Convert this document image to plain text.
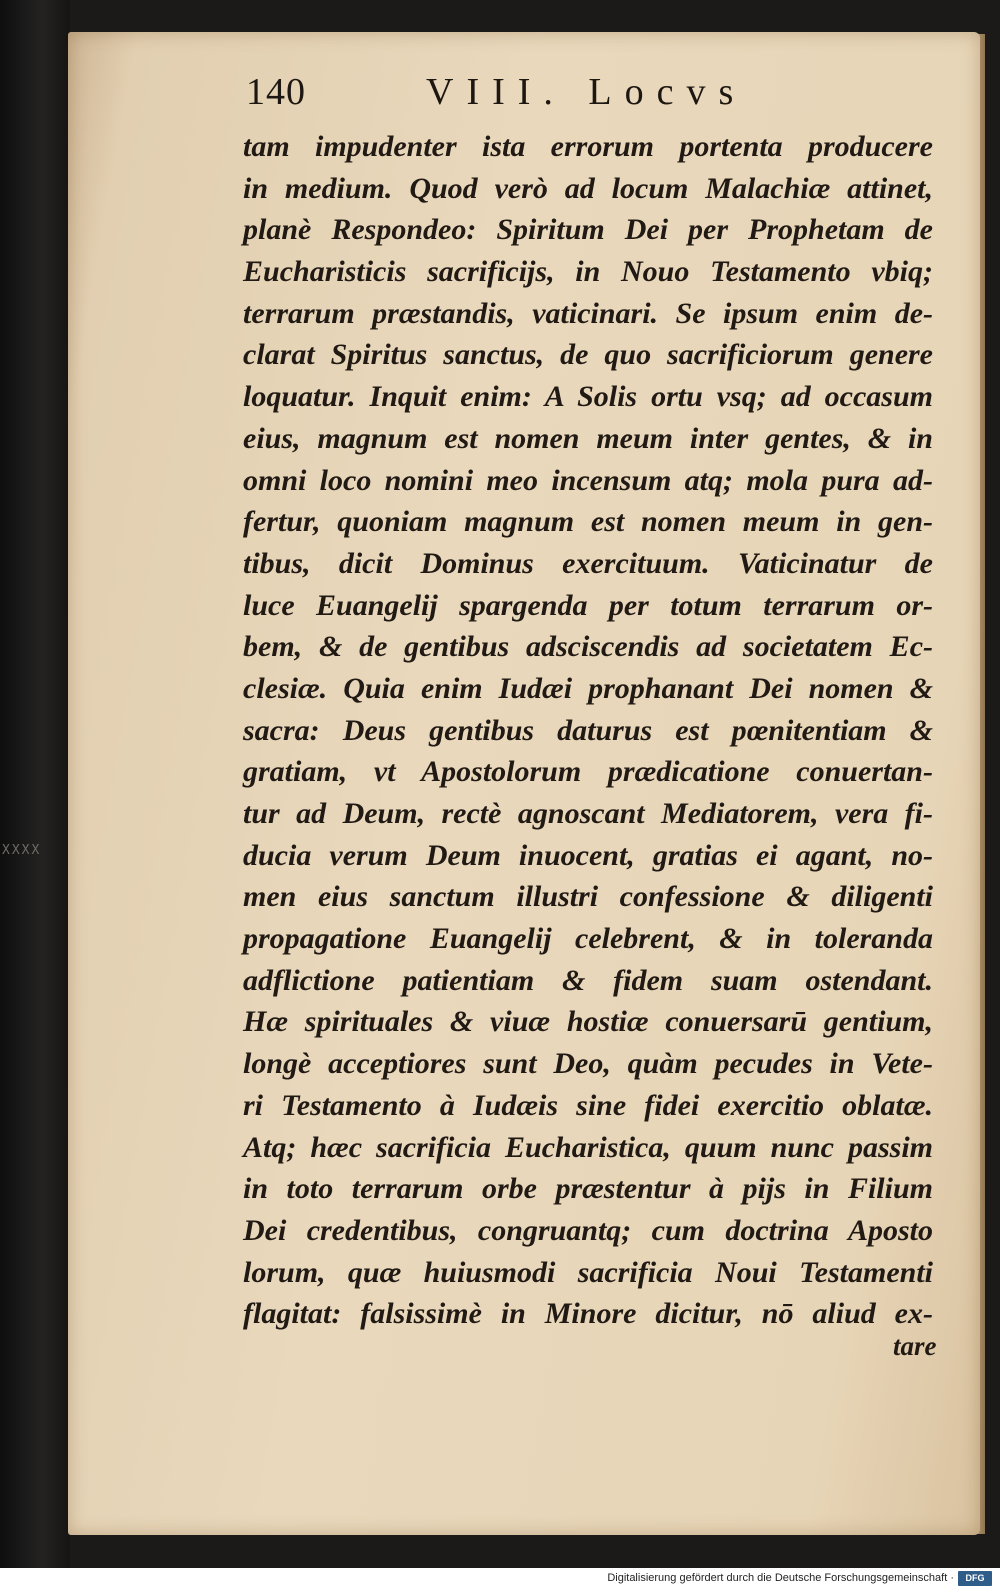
XXXX
140	VIII. Locvs
tam impudenter ista errorum portenta producere
in medium. Quod verò ad locum Malachiæ attinet,
planè Respondeo: Spiritum Dei per Prophetam de
Eucharisticis sacrificijs, in Nouo Testamento vbiq;
terrarum præstandis, vaticinari. Se ipsum enim de-
clarat Spiritus sanctus, de quo sacrificiorum genere
loquatur. Inquit enim: A Solis ortu vsq; ad occasum
eius, magnum est nomen meum inter gentes, & in
omni loco nomini meo incensum atq; mola pura ad-
fertur, quoniam magnum est nomen meum in gen-
tibus, dicit Dominus exercituum. Vaticinatur de
luce Euangelij spargenda per totum terrarum or-
bem, & de gentibus adsciscendis ad societatem Ec-
clesiæ. Quia enim Iudæi prophanant Dei nomen &
sacra: Deus gentibus daturus est pœnitentiam &
gratiam, vt Apostolorum prædicatione conuertan-
tur ad Deum, rectè agnoscant Mediatorem, vera fi-
ducia verum Deum inuocent, gratias ei agant, no-
men eius sanctum illustri confessione & diligenti
propagatione Euangelij celebrent, & in toleranda
adflictione patientiam & fidem suam ostendant.
Hæ spirituales & viuæ hostiæ conuersarū gentium,
longè acceptiores sunt Deo, quàm pecudes in Vete-
ri Testamento à Iudæis sine fidei exercitio oblatæ.
Atq; hæc sacrificia Eucharistica, quum nunc passim
in toto terrarum orbe præstentur à pijs in Filium
Dei credentibus, congruantq; cum doctrina Aposto
lorum, quæ huiusmodi sacrificia Noui Testamenti
flagitat: falsissimè in Minore dicitur, nō aliud ex-
tare
Digitalisierung gefördert durch die Deutsche Forschungsgemeinschaft ·	DFG
